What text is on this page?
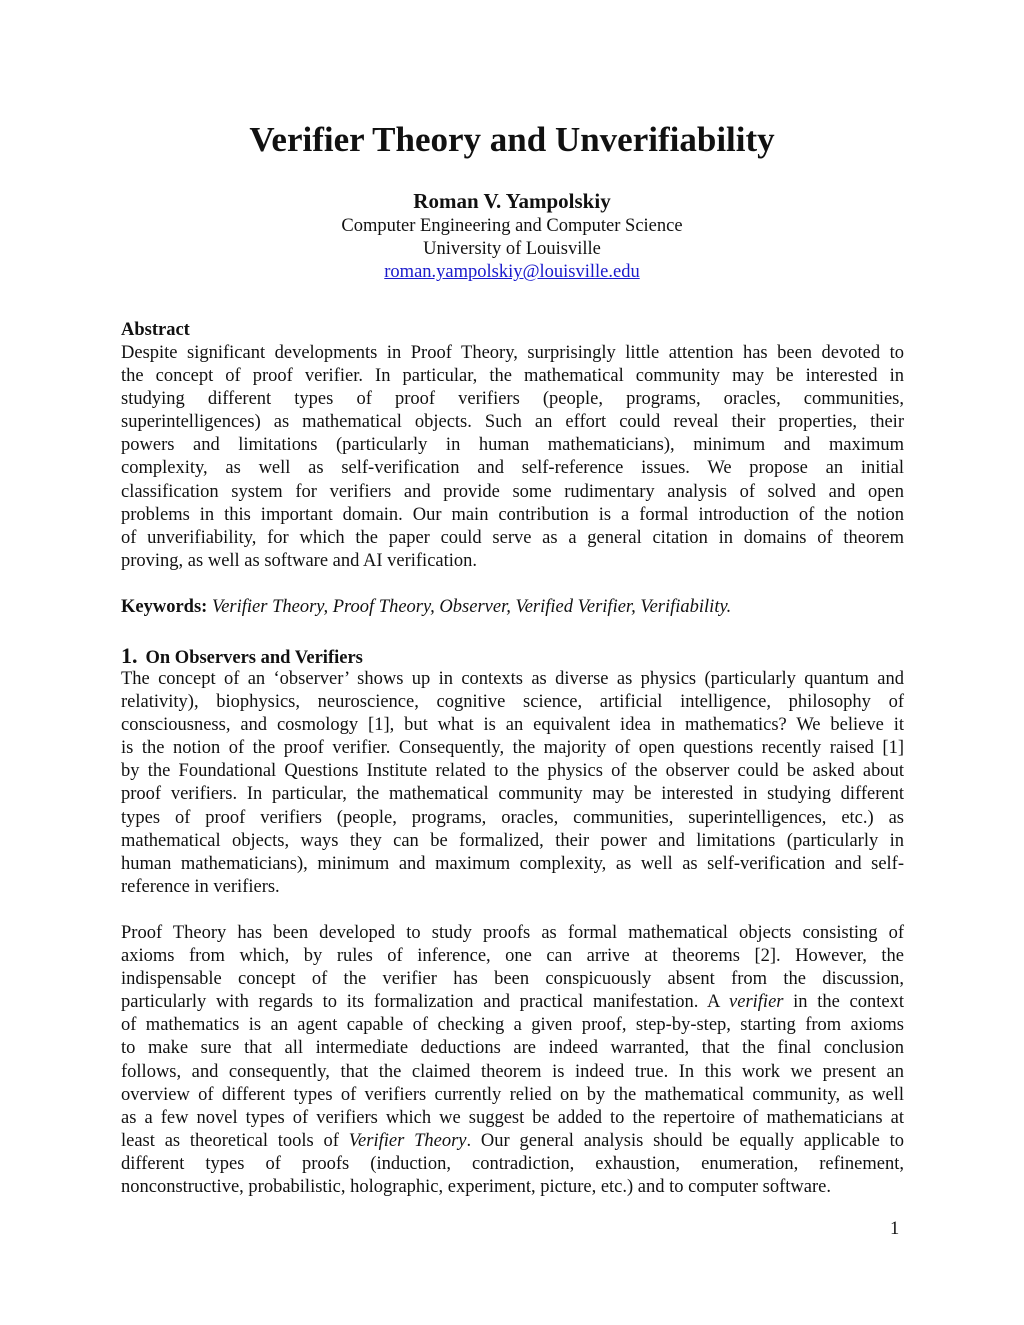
Verifier Theory and Unverifiability
Roman V. Yampolskiy
Computer Engineering and Computer Science
University of Louisville
roman.yampolskiy@louisville.edu
Abstract
Despite significant developments in Proof Theory, surprisingly little attention has been devoted to
the concept of proof verifier. In particular, the mathematical community may be interested in
studying different types of proof verifiers (people, programs, oracles, communities,
superintelligences) as mathematical objects. Such an effort could reveal their properties, their
powers and limitations (particularly in human mathematicians), minimum and maximum
complexity, as well as self-verification and self-reference issues. We propose an initial
classification system for verifiers and provide some rudimentary analysis of solved and open
problems in this important domain. Our main contribution is a formal introduction of the notion
of unverifiability, for which the paper could serve as a general citation in domains of theorem
proving, as well as software and AI verification.
Keywords: Verifier Theory, Proof Theory, Observer, Verified Verifier, Verifiability.
1. On Observers and Verifiers
The concept of an ‘observer’ shows up in contexts as diverse as physics (particularly quantum and
relativity), biophysics, neuroscience, cognitive science, artificial intelligence, philosophy of
consciousness, and cosmology [1], but what is an equivalent idea in mathematics? We believe it
is the notion of the proof verifier. Consequently, the majority of open questions recently raised [1]
by the Foundational Questions Institute related to the physics of the observer could be asked about
proof verifiers. In particular, the mathematical community may be interested in studying different
types of proof verifiers (people, programs, oracles, communities, superintelligences, etc.) as
mathematical objects, ways they can be formalized, their power and limitations (particularly in
human mathematicians), minimum and maximum complexity, as well as self-verification and self-
reference in verifiers.
Proof Theory has been developed to study proofs as formal mathematical objects consisting of
axioms from which, by rules of inference, one can arrive at theorems [2]. However, the
indispensable concept of the verifier has been conspicuously absent from the discussion,
particularly with regards to its formalization and practical manifestation. A verifier in the context
of mathematics is an agent capable of checking a given proof, step-by-step, starting from axioms
to make sure that all intermediate deductions are indeed warranted, that the final conclusion
follows, and consequently, that the claimed theorem is indeed true. In this work we present an
overview of different types of verifiers currently relied on by the mathematical community, as well
as a few novel types of verifiers which we suggest be added to the repertoire of mathematicians at
least as theoretical tools of Verifier Theory. Our general analysis should be equally applicable to
different types of proofs (induction, contradiction, exhaustion, enumeration, refinement,
nonconstructive, probabilistic, holographic, experiment, picture, etc.) and to computer software.
1
